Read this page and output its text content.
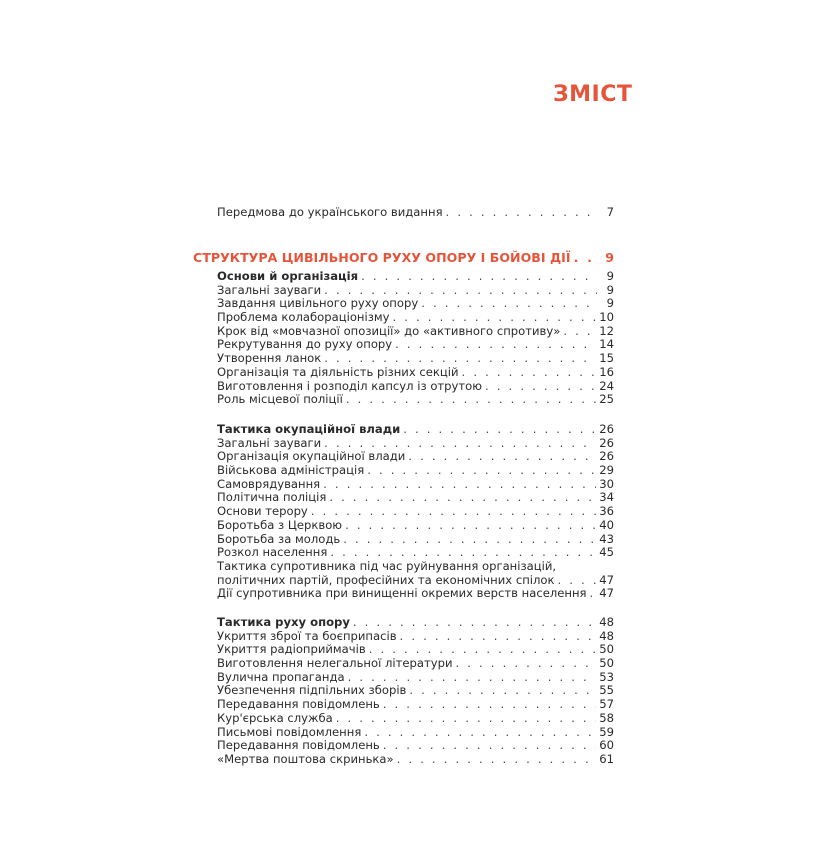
ЗМІСТ
Передмова до українського видання . . .	7
СТРУКТУРА ЦИВІЛЬНОГО РУХУ ОПОРУ І БОЙОВІ ДІЇ . . .	9
Основи й організація . . .	9
Загальні зауваги . . .	9
Завдання цивільного руху опору . . .	9
Проблема колабораціонізму . . .	10
Крок від «мовчазної опозиції» до «активного спротиву» . . .	12
Рекрутування до руху опору . . .	14
Утворення ланок . . .	15
Організація та діяльність різних секцій . . .	16
Виготовлення і розподіл капсул із отрутою . . .	24
Роль місцевої поліції . . .	25
Тактика окупаційної влади . . .	26
Загальні зауваги . . .	26
Організація окупаційної влади . . .	26
Військова адміністрація . . .	29
Самоврядування . . .	30
Політична поліція . . .	34
Основи терору . . .	36
Боротьба з Церквою . . .	40
Боротьба за молодь . . .	43
Розкол населення . . .	45
Тактика супротивника під час руйнування організацій,
політичних партій, професійних та економічних спілок . . .	47
Дії супротивника при винищенні окремих верств населення . . . 47
Тактика руху опору . . .	48
Укриття зброї та боєприпасів . . .	48
Укриття радіоприймачів . . .	50
Виготовлення нелегальної літератури . . .	50
Вулична пропаганда . . .	53
Убезпечення підпільних зборів . . .	55
Передавання повідомлень . . .	57
Кур'єрська служба . . .	58
Письмові повідомлення . . .	59
Передавання повідомлень . . .	60
«Мертва поштова скринька» . . .	61
